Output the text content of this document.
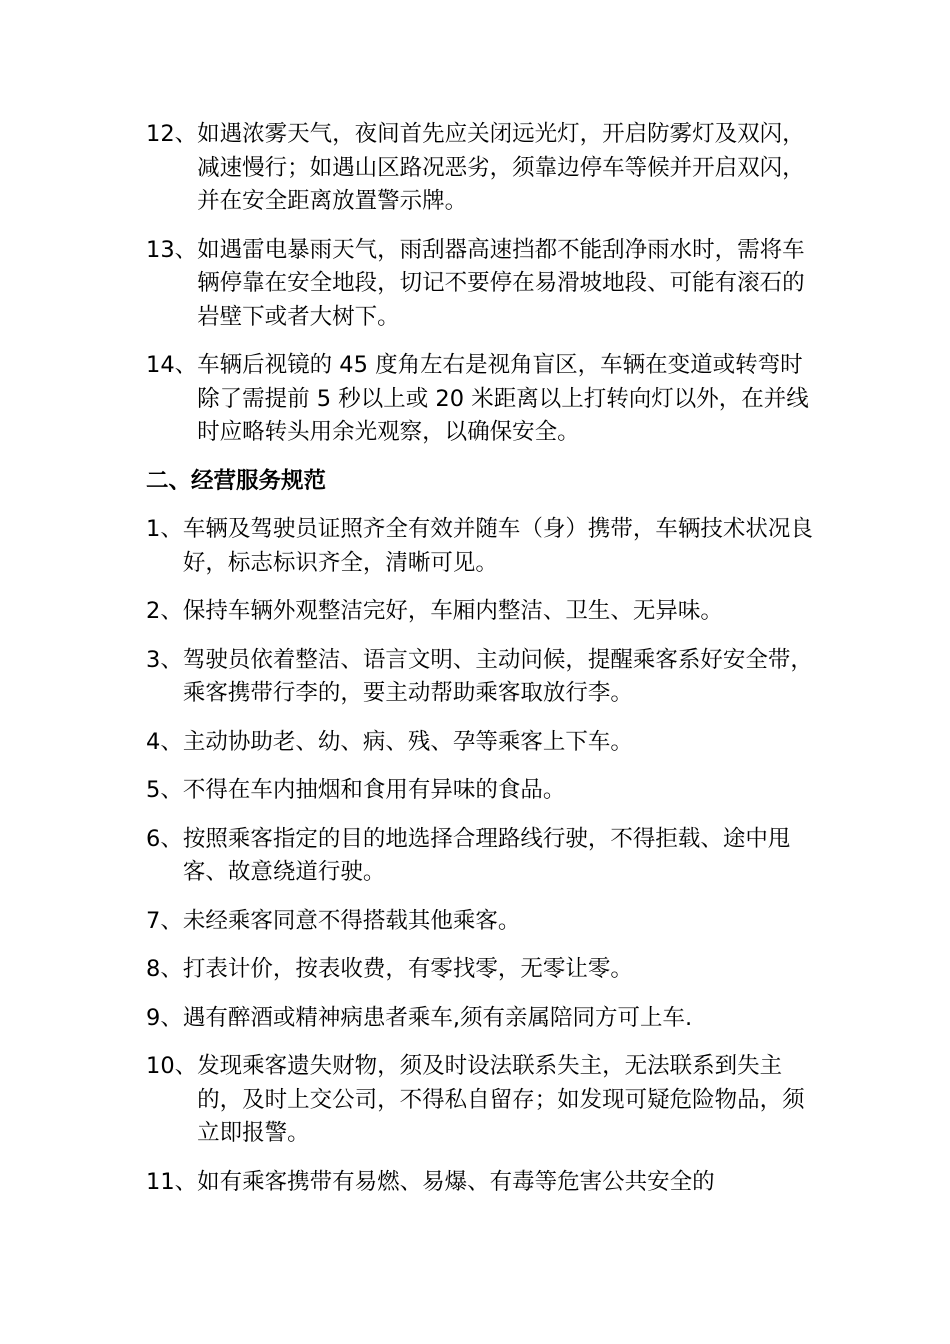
12、 如遇浓雾天气，夜间首先应关闭远光灯，开启防雾灯及双闪，减速慢行；如遇山区路况恶劣，须靠边停车等候并开启双闪，并在安全距离放置警示牌。
13、 如遇雷电暴雨天气，雨刮器高速挡都不能刮净雨水时，需将车辆停靠在安全地段，切记不要停在易滑坡地段、可能有滚石的岩壁下或者大树下。
14、 车辆后视镜的 45 度角左右是视角盲区，车辆在变道或转弯时除了需提前 5 秒以上或 20 米距离以上打转向灯以外，在并线时应略转头用余光观察，以确保安全。
二、经营服务规范
1、 车辆及驾驶员证照齐全有效并随车（身）携带，车辆技术状况良好，标志标识齐全，清晰可见。
2、 保持车辆外观整洁完好，车厢内整洁、卫生、无异味。
3、 驾驶员依着整洁、语言文明、主动问候，提醒乘客系好安全带，乘客携带行李的，要主动帮助乘客取放行李。
4、 主动协助老、幼、病、残、孕等乘客上下车。
5、 不得在车内抽烟和食用有异味的食品。
6、 按照乘客指定的目的地选择合理路线行驶，不得拒载、途中甩客、故意绕道行驶。
7、 未经乘客同意不得搭载其他乘客。
8、 打表计价，按表收费，有零找零，无零让零。
9、 遇有醉酒或精神病患者乘车,须有亲属陪同方可上车.
10、 发现乘客遗失财物，须及时设法联系失主，无法联系到失主的，及时上交公司，不得私自留存；如发现可疑危险物品，须立即报警。
11、 如有乘客携带有易燃、易爆、有毒等危害公共安全的
